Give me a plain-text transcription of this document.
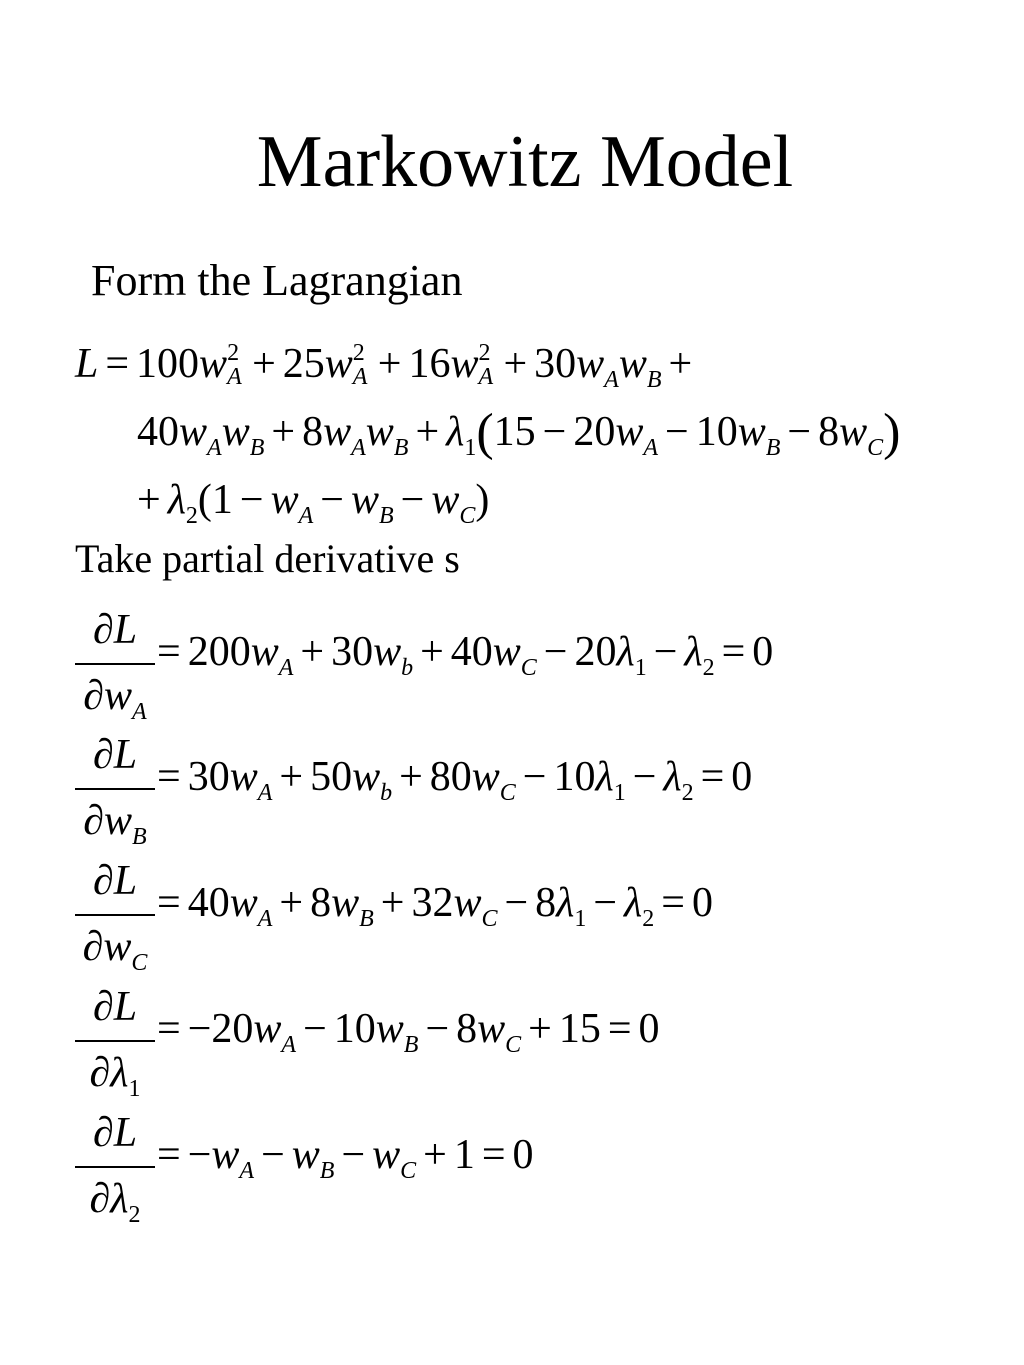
Markowitz Model
Form the Lagrangian
L = 100w 2
A + 25w 2
A + 16w 2
$A + 30w_Aw_B$ +
$40w_Aw_B + 8w_Aw_B + \lambda_1(15 - 20w_A - 10w_B - 8w_C)$
+ $\lambda_2(1 - w_A - w_B - w_C)$
Take partial derivative s
∂L
$\partial w_A$
= $200w_A + 30w_b + 40w_C - 20\lambda_1 - \lambda_2 = 0$
∂L
$\partial w_B$
= $30w_A + 50w_b + 80w_C - 10\lambda_1 - \lambda_2 = 0$
∂L
$\partial w_C$
= $40w_A + 8w_B + 32w_C - 8\lambda_1 - \lambda_2 = 0$
∂L
$\partial\lambda_1$
= $-20w_A - 10w_B - 8w_C + 15 = 0$
∂L
$\partial\lambda_2$
= $-w_A - w_B - w_C + 1 = 0$
